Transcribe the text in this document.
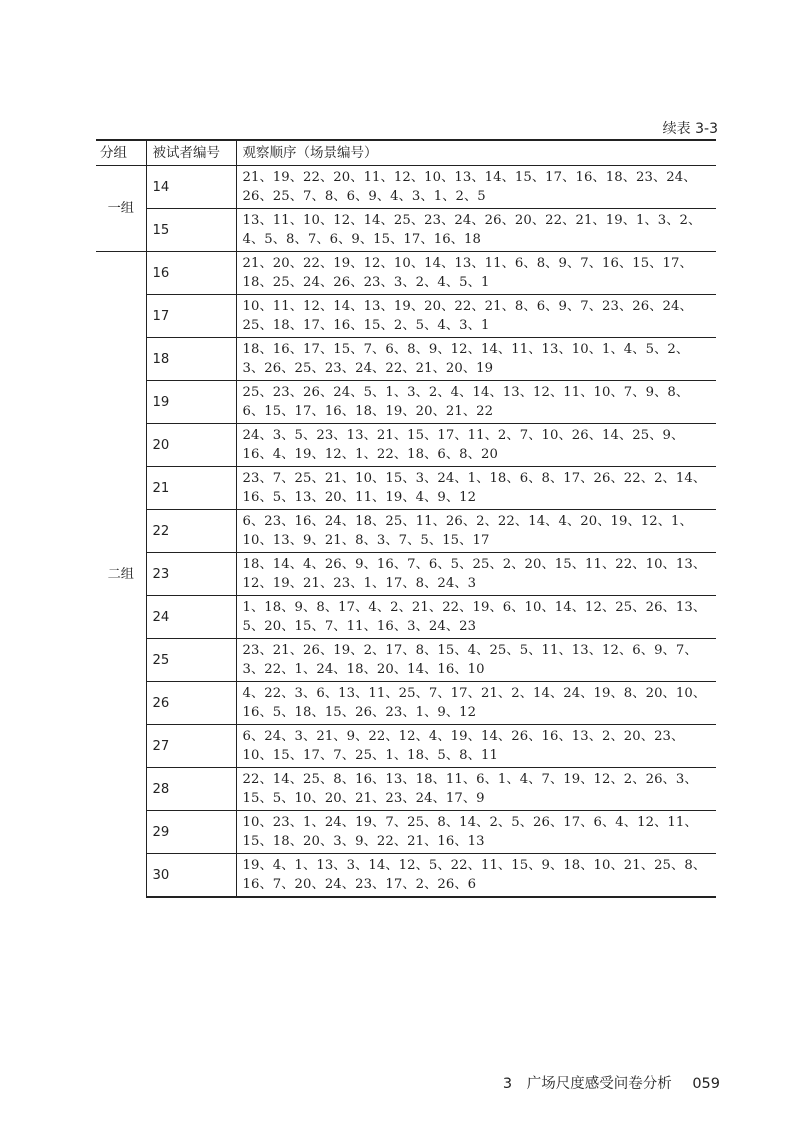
续表 3-3
分组	被试者编号	观察顺序（场景编号）
一组	14	21、19、22、20、11、12、10、13、14、15、17、16、18、23、24、26、25、7、8、6、9、4、3、1、2、5
	15	13、11、10、12、14、25、23、24、26、20、22、21、19、1、3、2、4、5、8、7、6、9、15、17、16、18
二组	16	21、20、22、19、12、10、14、13、11、6、8、9、7、16、15、17、18、25、24、26、23、3、2、4、5、1
	17	10、11、12、14、13、19、20、22、21、8、6、9、7、23、26、24、25、18、17、16、15、2、5、4、3、1
	18	18、16、17、15、7、6、8、9、12、14、11、13、10、1、4、5、2、3、26、25、23、24、22、21、20、19
	19	25、23、26、24、5、1、3、2、4、14、13、12、11、10、7、9、8、6、15、17、16、18、19、20、21、22
	20	24、3、5、23、13、21、15、17、11、2、7、10、26、14、25、9、16、4、19、12、1、22、18、6、8、20
	21	23、7、25、21、10、15、3、24、1、18、6、8、17、26、22、2、14、16、5、13、20、11、19、4、9、12
	22	6、23、16、24、18、25、11、26、2、22、14、4、20、19、12、1、10、13、9、21、8、3、7、5、15、17
	23	18、14、4、26、9、16、7、6、5、25、2、20、15、11、22、10、13、12、19、21、23、1、17、8、24、3
	24	1、18、9、8、17、4、2、21、22、19、6、10、14、12、25、26、13、5、20、15、7、11、16、3、24、23
	25	23、21、26、19、2、17、8、15、4、25、5、11、13、12、6、9、7、3、22、1、24、18、20、14、16、10
	26	4、22、3、6、13、11、25、7、17、21、2、14、24、19、8、20、10、16、5、18、15、26、23、1、9、12
	27	6、24、3、21、9、22、12、4、19、14、26、16、13、2、20、23、10、15、17、7、25、1、18、5、8、11
	28	22、14、25、8、16、13、18、11、6、1、4、7、19、12、2、26、3、15、5、10、20、21、23、24、17、9
	29	10、23、1、24、19、7、25、8、14、2、5、26、17、6、4、12、11、15、18、20、3、9、22、21、16、13
	30	19、4、1、13、3、14、12、5、22、11、15、9、18、10、21、25、8、16、7、20、24、23、17、2、26、6
3 广场尺度感受问卷分析 059
